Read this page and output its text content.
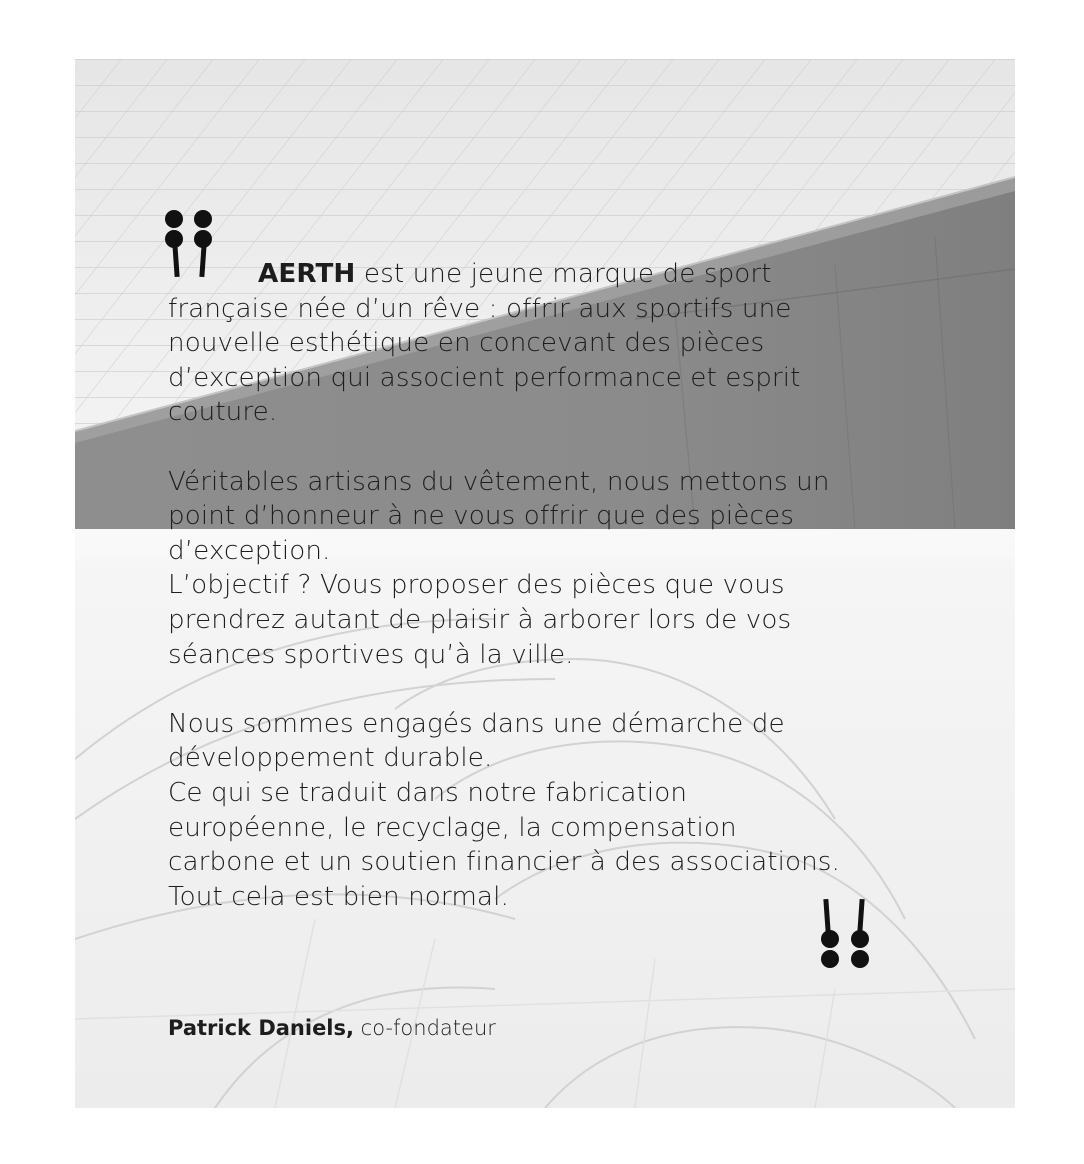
AERTH est une jeune marque de sport
française née d’un rêve : offrir aux sportifs une
nouvelle esthétique en concevant des pièces
d’exception qui associent performance et esprit
couture.

Véritables artisans du vêtement, nous mettons un
point d’honneur à ne vous offrir que des pièces
d’exception.
L’objectif ? Vous proposer des pièces que vous
prendrez autant de plaisir à arborer lors de vos
séances sportives qu’à la ville.

Nous sommes engagés dans une démarche de
développement durable.
Ce qui se traduit dans notre fabrication
européenne, le recyclage, la compensation
carbone et un soutien financier à des associations.
Tout cela est bien normal.

Patrick Daniels, co-fondateur
